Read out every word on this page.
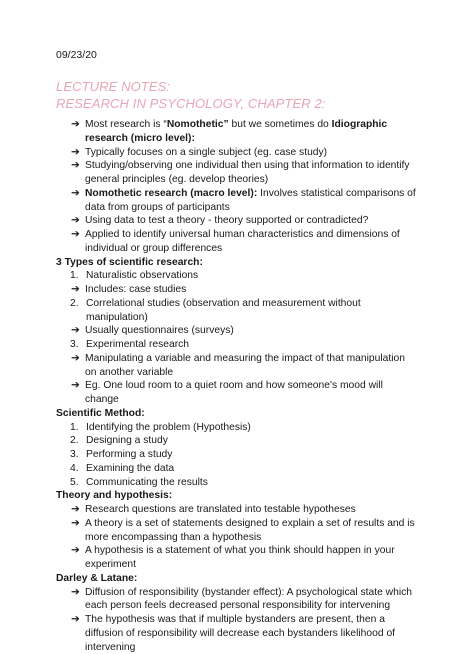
09/23/20
LECTURE NOTES:
RESEARCH IN PSYCHOLOGY, CHAPTER 2:
➔ Most research is “Nomothetic” but we sometimes do Idiographic research (micro level):
➔ Typically focuses on a single subject (eg. case study)
➔ Studying/observing one individual then using that information to identify general principles (eg. develop theories)
➔ Nomothetic research (macro level): Involves statistical comparisons of data from groups of participants
➔ Using data to test a theory - theory supported or contradicted?
➔ Applied to identify universal human characteristics and dimensions of individual or group differences
3 Types of scientific research:
1. Naturalistic observations
➔ Includes: case studies
2. Correlational studies (observation and measurement without manipulation)
➔ Usually questionnaires (surveys)
3. Experimental research
➔ Manipulating a variable and measuring the impact of that manipulation on another variable
➔ Eg. One loud room to a quiet room and how someone's mood will change
Scientific Method:
1. Identifying the problem (Hypothesis)
2. Designing a study
3. Performing a study
4. Examining the data
5. Communicating the results
Theory and hypothesis:
➔ Research questions are translated into testable hypotheses
➔ A theory is a set of statements designed to explain a set of results and is more encompassing than a hypothesis
➔ A hypothesis is a statement of what you think should happen in your experiment
Darley & Latane:
➔ Diffusion of responsibility (bystander effect): A psychological state which each person feels decreased personal responsibility for intervening
➔ The hypothesis was that if multiple bystanders are present, then a diffusion of responsibility will decrease each bystanders likelihood of intervening
